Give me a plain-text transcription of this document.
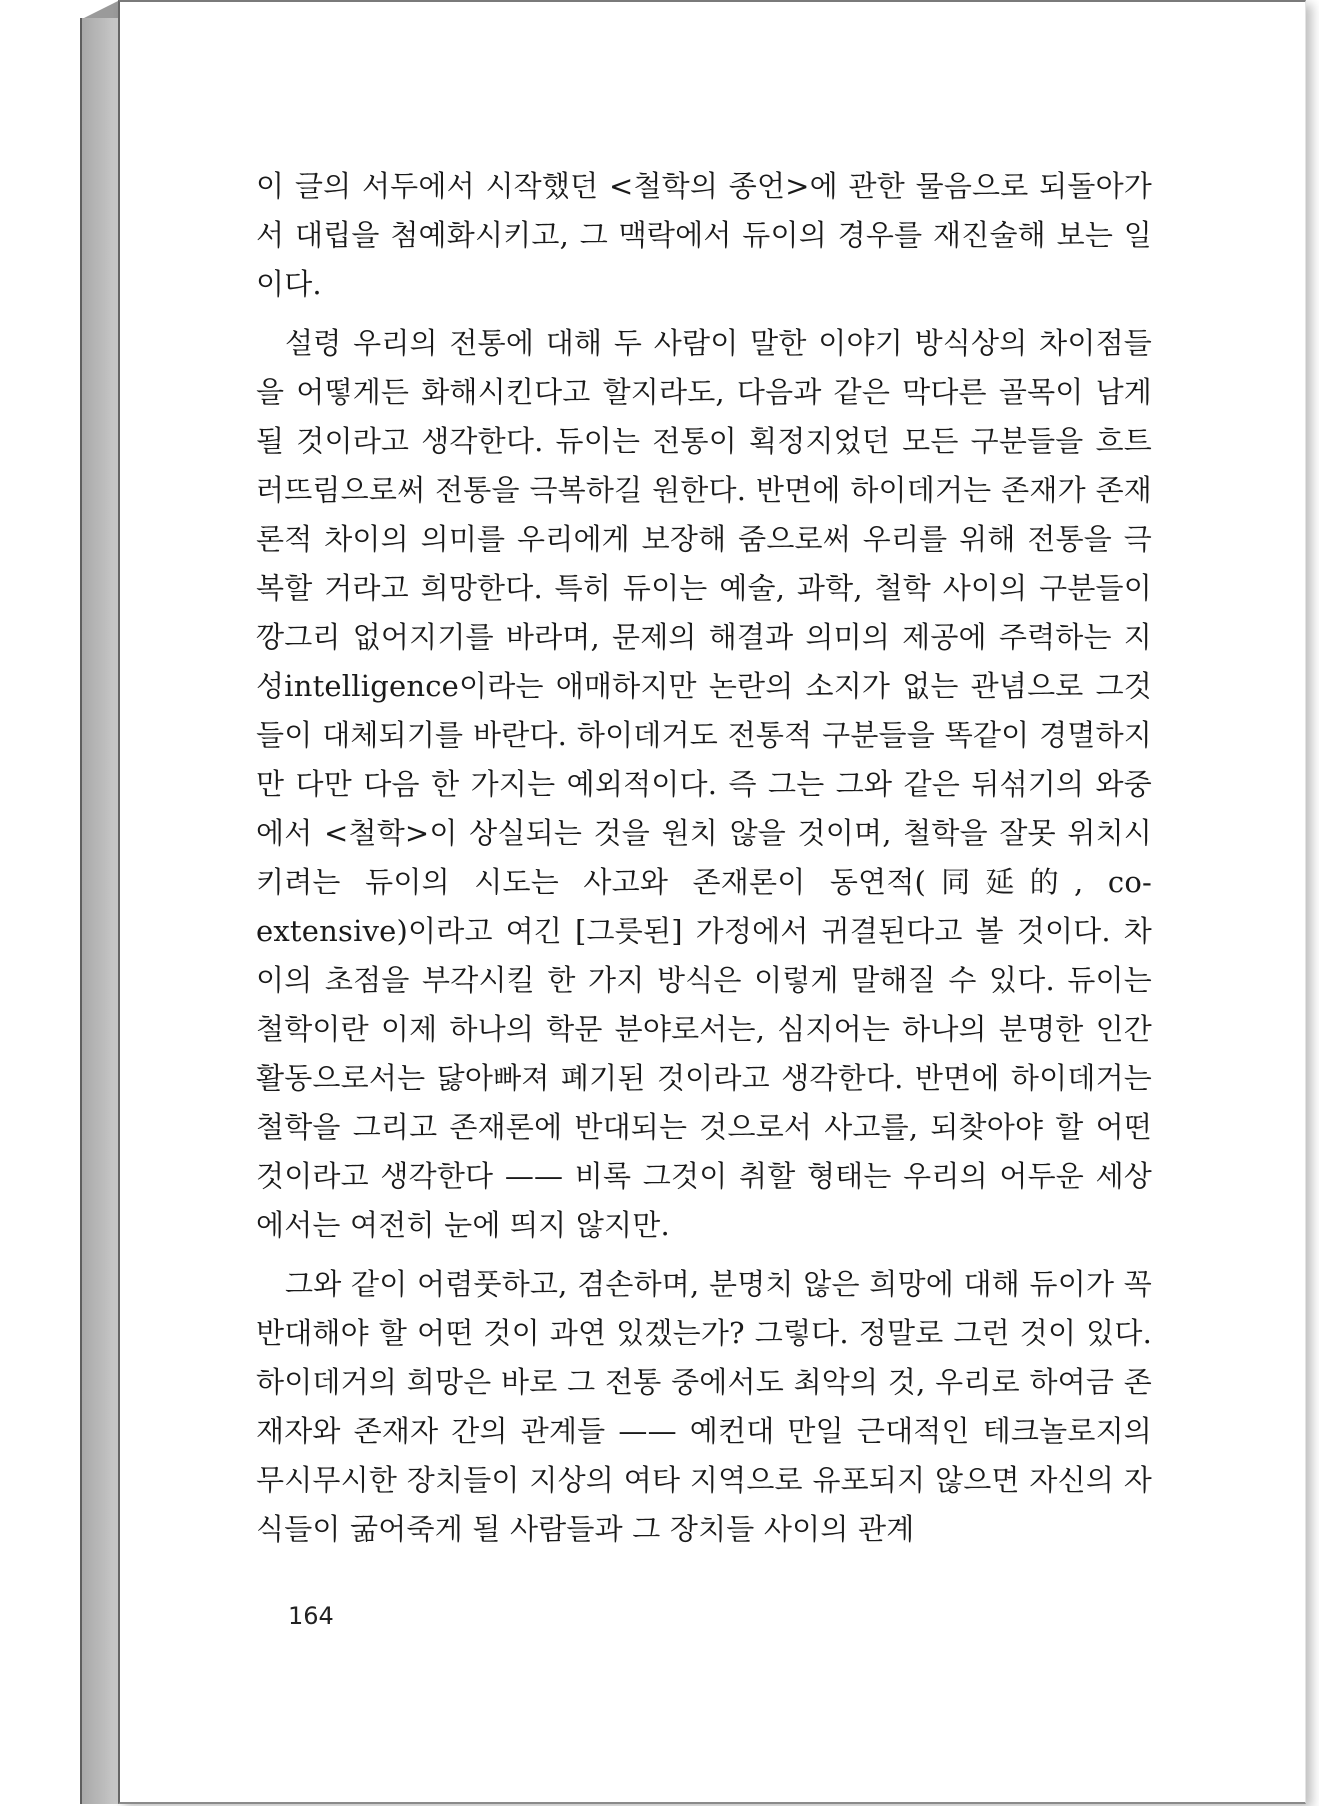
이 글의 서두에서 시작했던 <철학의 종언>에 관한 물음으로 되돌아가서 대립을 첨예화시키고, 그 맥락에서 듀이의 경우를 재진술해 보는 일이다.

설령 우리의 전통에 대해 두 사람이 말한 이야기 방식상의 차이점들을 어떻게든 화해시킨다고 할지라도, 다음과 같은 막다른 골목이 남게 될 것이라고 생각한다. 듀이는 전통이 획정지었던 모든 구분들을 흐트러뜨림으로써 전통을 극복하길 원한다. 반면에 하이데거는 존재가 존재론적 차이의 의미를 우리에게 보장해 줌으로써 우리를 위해 전통을 극복할 거라고 희망한다. 특히 듀이는 예술, 과학, 철학 사이의 구분들이 깡그리 없어지기를 바라며, 문제의 해결과 의미의 제공에 주력하는 지성intelligence이라는 애매하지만 논란의 소지가 없는 관념으로 그것들이 대체되기를 바란다. 하이데거도 전통적 구분들을 똑같이 경멸하지만 다만 다음 한 가지는 예외적이다. 즉 그는 그와 같은 뒤섞기의 와중에서 <철학>이 상실되는 것을 원치 않을 것이며, 철학을 잘못 위치시키려는 듀이의 시도는 사고와 존재론이 동연적(同延的, co-extensive)이라고 여긴 [그릇된] 가정에서 귀결된다고 볼 것이다. 차이의 초점을 부각시킬 한 가지 방식은 이렇게 말해질 수 있다. 듀이는 철학이란 이제 하나의 학문 분야로서는, 심지어는 하나의 분명한 인간 활동으로서는 닳아빠져 폐기된 것이라고 생각한다. 반면에 하이데거는 철학을 그리고 존재론에 반대되는 것으로서 사고를, 되찾아야 할 어떤 것이라고 생각한다 —— 비록 그것이 취할 형태는 우리의 어두운 세상에서는 여전히 눈에 띄지 않지만.

그와 같이 어렴풋하고, 겸손하며, 분명치 않은 희망에 대해 듀이가 꼭 반대해야 할 어떤 것이 과연 있겠는가? 그렇다. 정말로 그런 것이 있다. 하이데거의 희망은 바로 그 전통 중에서도 최악의 것, 우리로 하여금 존재자와 존재자 간의 관계들 —— 예컨대 만일 근대적인 테크놀로지의 무시무시한 장치들이 지상의 여타 지역으로 유포되지 않으면 자신의 자식들이 굶어죽게 될 사람들과 그 장치들 사이의 관계

164
